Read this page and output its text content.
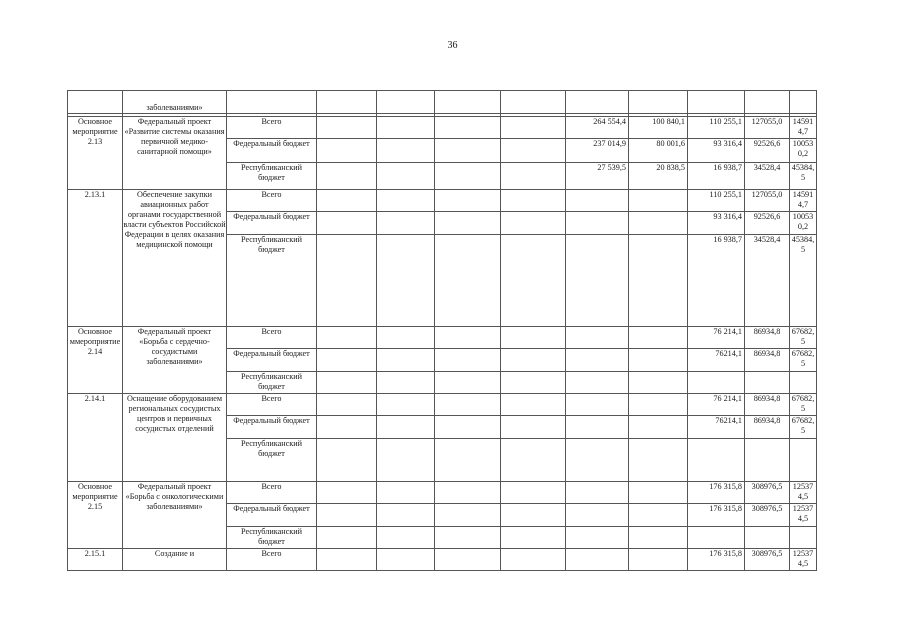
36
	заболеваниями»										

Основное мероприятие 2.13	Федеральный проект «Развитие системы оказания первичной медико-санитарной помощи»	Всего					264 554,4	100 840,1	110 255,1	127055,0	145914,7
		Федеральный бюджет					237 014,9	80 001,6	93 316,4	92526,6	100530,2
		Республиканский бюджет					27 539,5	20 838,5	16 938,7	34528,4	45384,5
2.13.1	Обеспечение закупки авиационных работ органами государственной власти субъектов Российской Федерации в целях оказания медицинской помощи	Всего							110 255,1	127055,0	145914,7
		Федеральный бюджет							93 316,4	92526,6	100530,2
		Республиканский бюджет							16 938,7	34528,4	45384,5
Основное ммероприятие 2.14	Федеральный проект «Борьба с сердечно-сосудистыми заболеваниями»	Всего							76 214,1	86934,8	67682,5
		Федеральный бюджет							76214,1	86934,8	67682,5
		Республиканский бюджет									
2.14.1	Оснащение оборудованием региональных сосудистых центров и первичных сосудистых отделений	Всего							76 214,1	86934,8	67682,5
		Федеральный бюджет							76214,1	86934,8	67682,5
		Республиканский бюджет									
Основное мероприятие 2.15	Федеральный проект «Борьба с онкологическими заболеваниями»	Всего							176 315,8	308976,5	125374,5
		Федеральный бюджет							176 315,8	308976,5	125374,5
		Республиканский бюджет									
2.15.1	Создание и	Всего							176 315,8	308976,5	125374,5
